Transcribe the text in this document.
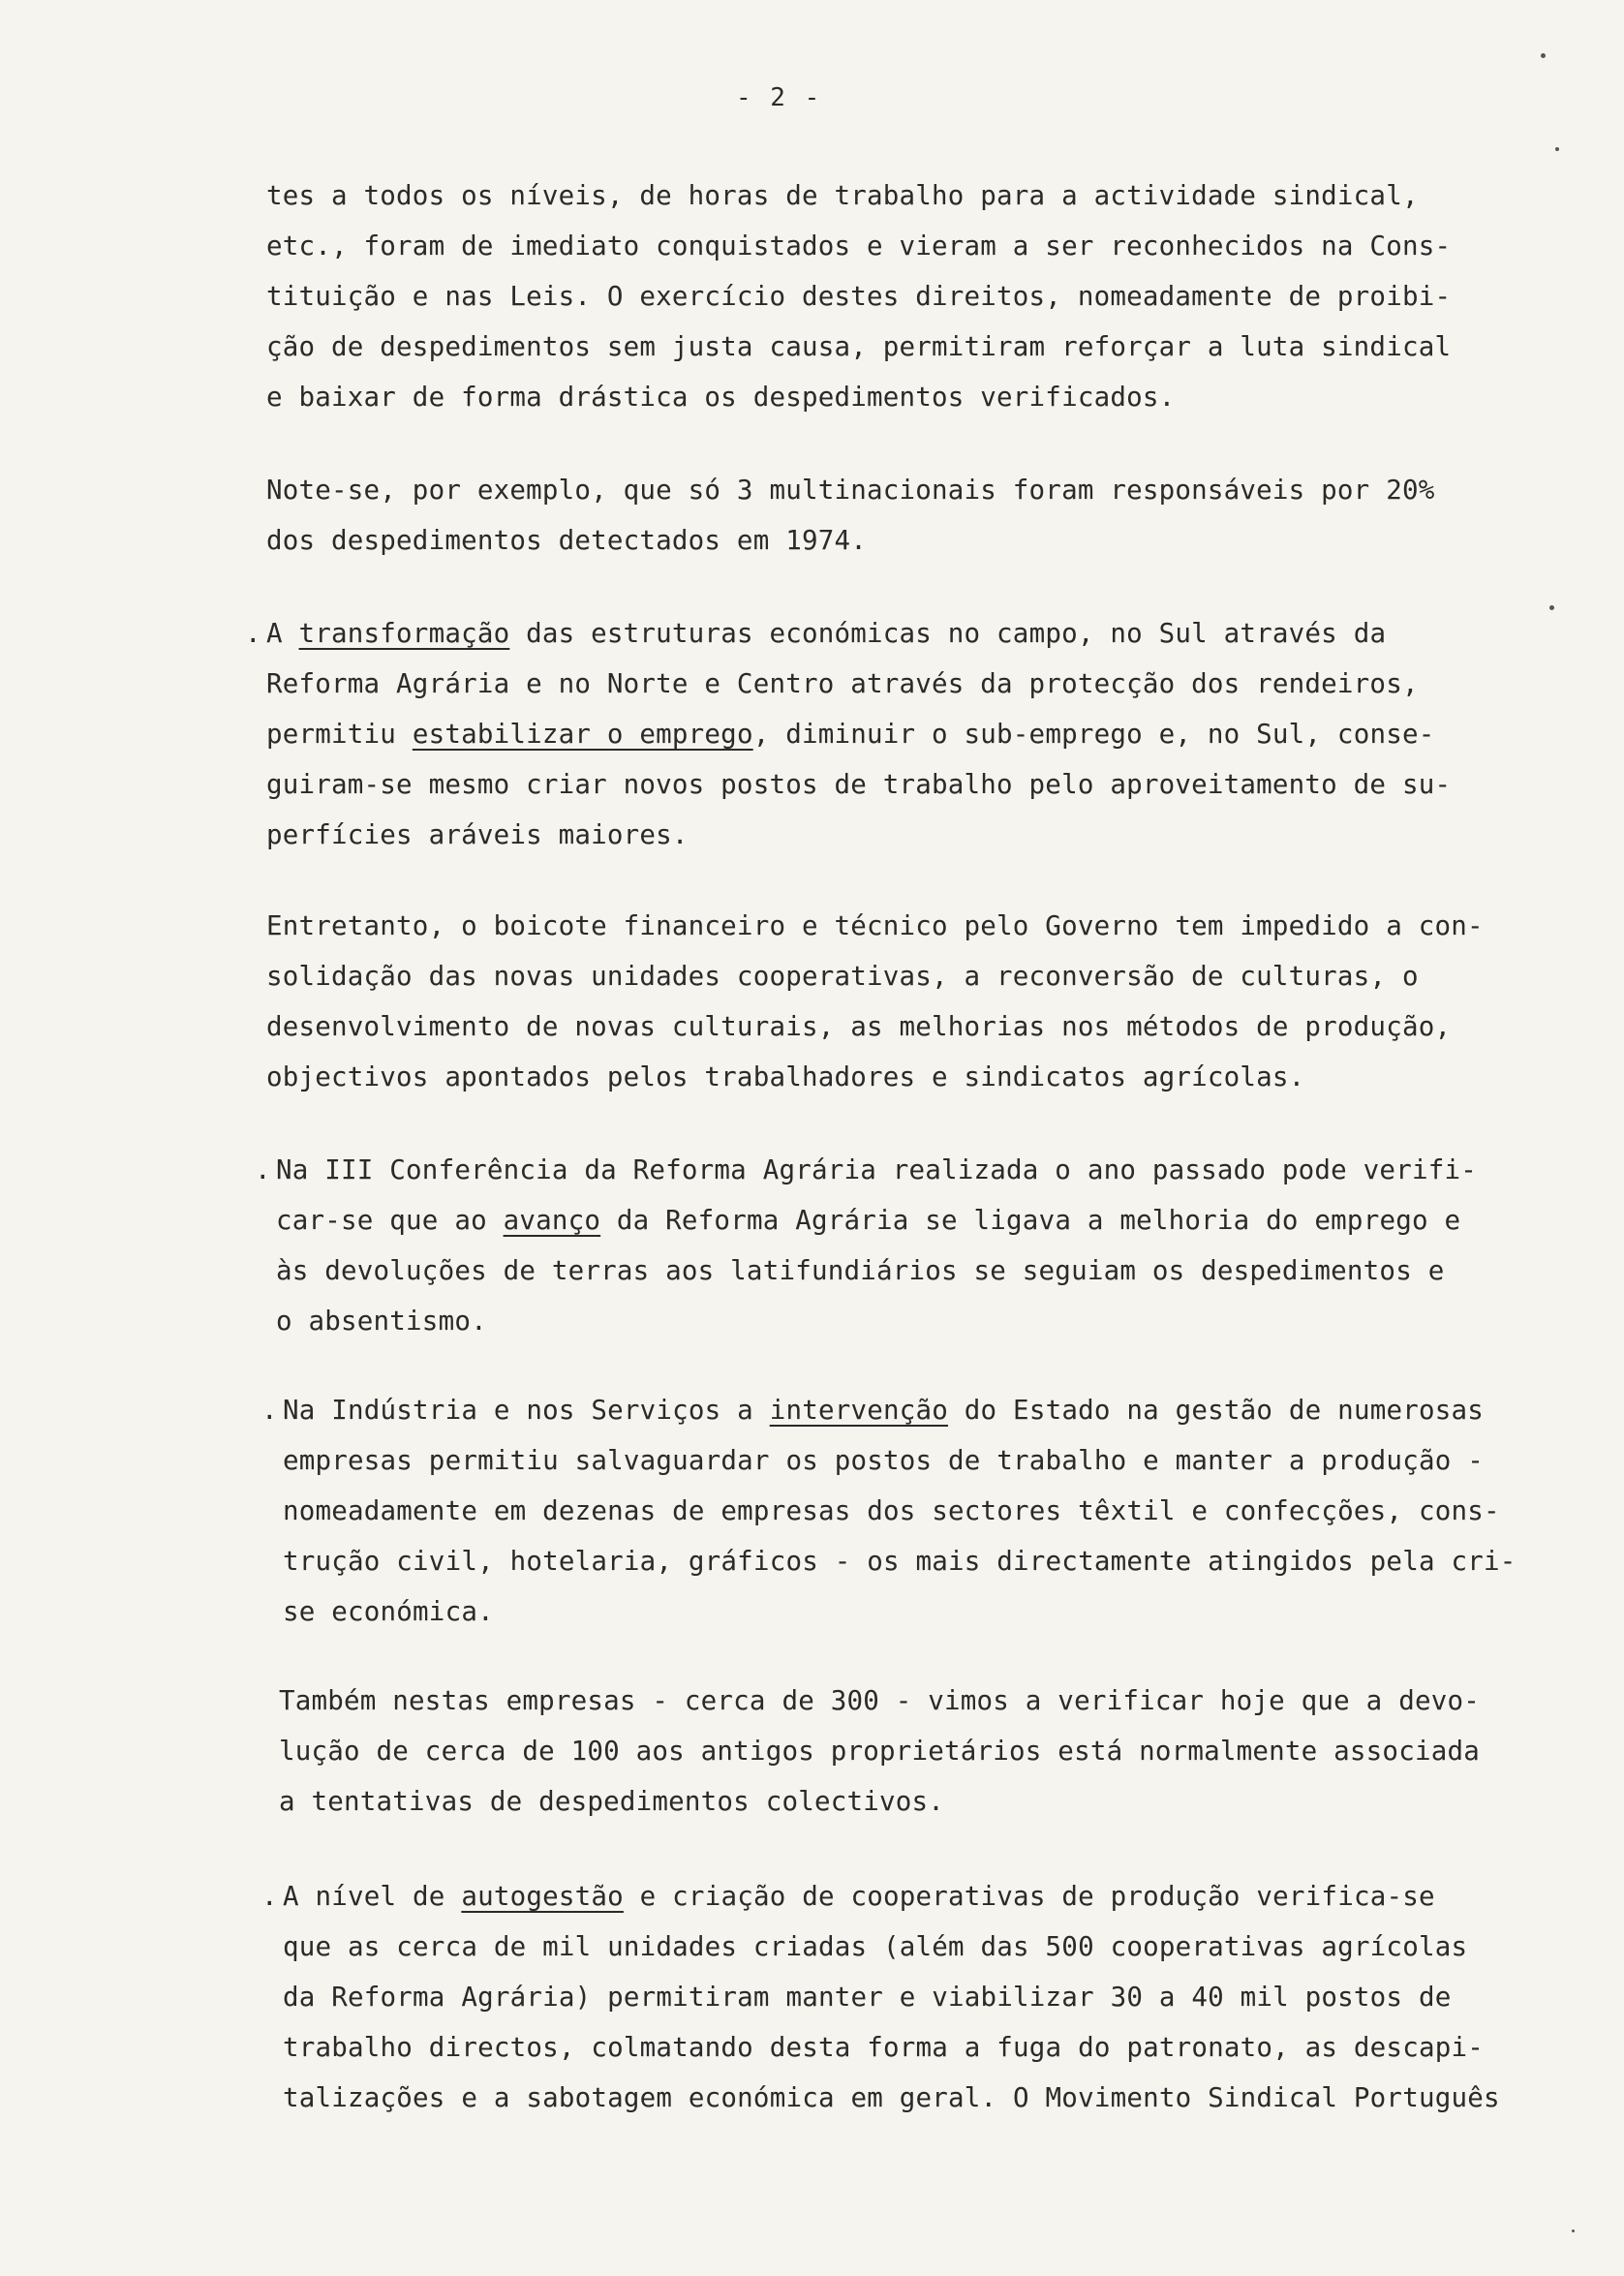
- 2 -
tes a todos os níveis, de horas de trabalho para a actividade sindical,
etc., foram de imediato conquistados e vieram a ser reconhecidos na Cons-
tituição e nas Leis. O exercício destes direitos, nomeadamente de proibi-
ção de despedimentos sem justa causa, permitiram reforçar a luta sindical
e baixar de forma drástica os despedimentos verificados.
Note-se, por exemplo, que só 3 multinacionais foram responsáveis por 20%
dos despedimentos detectados em 1974.
. A transformação das estruturas económicas no campo, no Sul através da
Reforma Agrária e no Norte e Centro através da protecção dos rendeiros,
permitiu estabilizar o emprego, diminuir o sub-emprego e, no Sul, conse-
guiram-se mesmo criar novos postos de trabalho pelo aproveitamento de su-
perfícies aráveis maiores.
Entretanto, o boicote financeiro e técnico pelo Governo tem impedido a con-
solidação das novas unidades cooperativas, a reconversão de culturas, o
desenvolvimento de novas culturais, as melhorias nos métodos de produção,
objectivos apontados pelos trabalhadores e sindicatos agrícolas.
. Na III Conferência da Reforma Agrária realizada o ano passado pode verifi-
car-se que ao avanço da Reforma Agrária se ligava a melhoria do emprego e
às devoluções de terras aos latifundiários se seguiam os despedimentos e
o absentismo.
. Na Indústria e nos Serviços a intervenção do Estado na gestão de numerosas
empresas permitiu salvaguardar os postos de trabalho e manter a produção -
nomeadamente em dezenas de empresas dos sectores têxtil e confecções, cons-
trução civil, hotelaria, gráficos - os mais directamente atingidos pela cri-
se económica.
Também nestas empresas - cerca de 300 - vimos a verificar hoje que a devo-
lução de cerca de 100 aos antigos proprietários está normalmente associada
a tentativas de despedimentos colectivos.
. A nível de autogestão e criação de cooperativas de produção verifica-se
que as cerca de mil unidades criadas (além das 500 cooperativas agrícolas
da Reforma Agrária) permitiram manter e viabilizar 30 a 40 mil postos de
trabalho directos, colmatando desta forma a fuga do patronato, as descapi-
talizações e a sabotagem económica em geral. O Movimento Sindical Português
